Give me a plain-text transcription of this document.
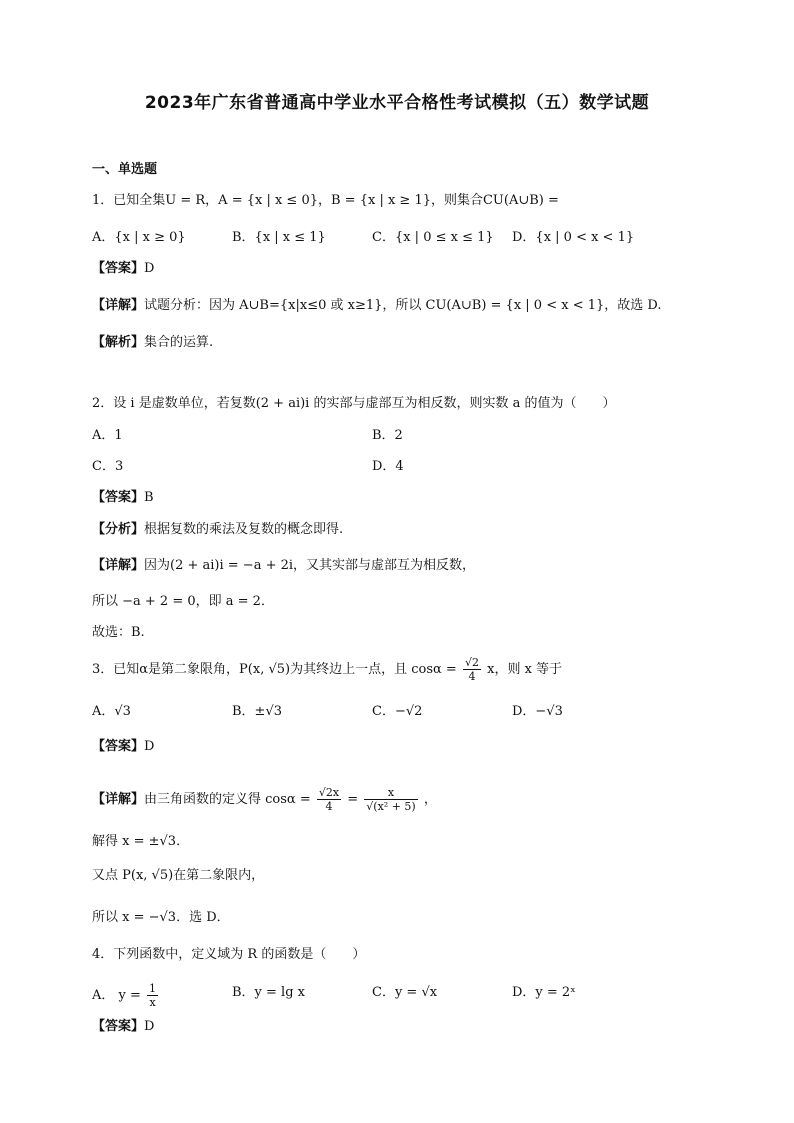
2023年广东省普通高中学业水平合格性考试模拟（五）数学试题
一、单选题
1．已知全集U = R，A = {x | x ≤ 0}，B = {x | x ≥ 1}，则集合CU(A∪B) =
A．{x | x ≥ 0}	B．{x | x ≤ 1}	C．{x | 0 ≤ x ≤ 1} D．{x | 0 < x < 1}
【答案】D
【详解】试题分析：因为 A∪B={x|x≤0 或 x≥1}，所以 CU(A∪B) = {x | 0 < x < 1}，故选 D.
【解析】集合的运算.
2．设 i 是虚数单位，若复数(2 + ai)i 的实部与虚部互为相反数，则实数 a 的值为（　　）
A．1	B．2
C．3	D．4
【答案】B
【分析】根据复数的乘法及复数的概念即得.
【详解】因为(2 + ai)i = −a + 2i，又其实部与虚部互为相反数，
所以 −a + 2 = 0，即 a = 2．
故选：B.
3．已知α是第二象限角，P(x, √5)为其终边上一点，且 $\cos\alpha = \frac{√2}{4}$ x，则 x 等于
A．√3	B．±√3	C．−√2	D．−√3
【答案】D
【详解】由三角函数的定义得 $\cos\alpha = \frac{√2x}{4} = \frac{x}{\text{√(x² + 5)}}$ ，
解得 x = ±√3．
又点 P(x, √5)在第二象限内，
所以 x = −√3．选 D．
4．下列函数中，定义域为 R 的函数是（　　）
A． $y = \frac{1}{x}$	B．y = lg x	C．y = √x	D．y = 2ˣ
【答案】D
